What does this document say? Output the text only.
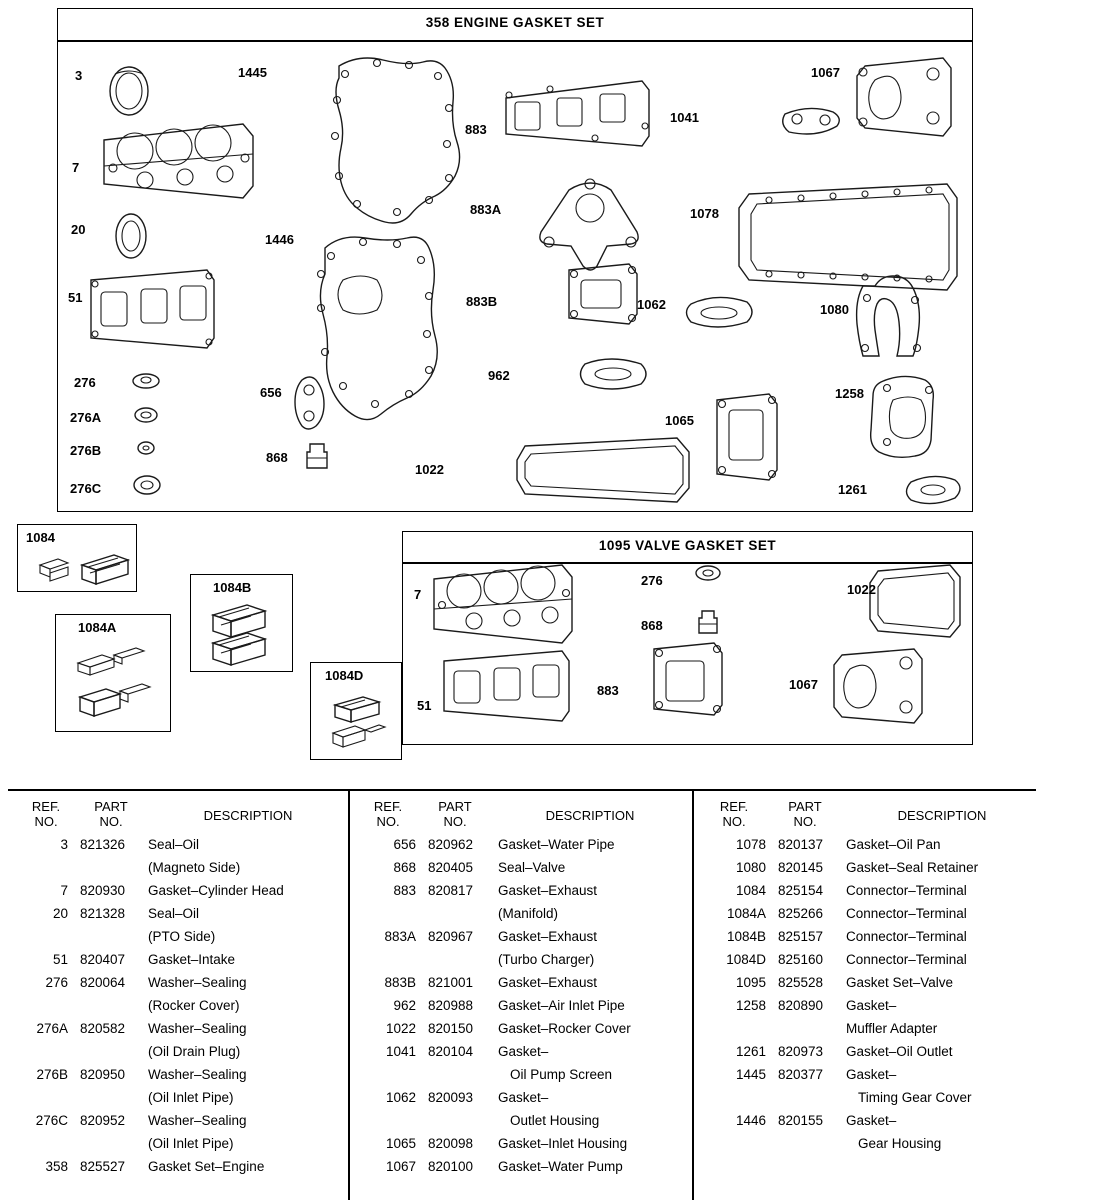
358 ENGINE GASKET SET
3	1445	1067
883
1041
7
20
883A	1078
1446
51	883B	1062	1080
962
276
656	1258
276A	1065
276B	868
1022
276C	1261
1095 VALVE GASKET SET
7
276
1022
868
883	1067
51
1084
1084B
1084A
1084D
REF.
NO.
PART
NO.	DESCRIPTION
3 821326 Seal–Oil
(Magneto Side)
7 820930 Gasket–Cylinder Head
20 821328 Seal–Oil
(PTO Side)
51 820407 Gasket–Intake
276 820064 Washer–Sealing
(Rocker Cover)
276A 820582 Washer–Sealing
(Oil Drain Plug)
276B 820950 Washer–Sealing
(Oil Inlet Pipe)
276C 820952 Washer–Sealing
(Oil Inlet Pipe)
358 825527 Gasket Set–Engine
REF.
NO.
PART
NO.	DESCRIPTION
656 820962 Gasket–Water Pipe
868 820405 Seal–Valve
883 820817 Gasket–Exhaust
(Manifold)
883A 820967 Gasket–Exhaust
(Turbo Charger)
883B 821001 Gasket–Exhaust
962 820988 Gasket–Air Inlet Pipe
1022 820150 Gasket–Rocker Cover
1041 820104 Gasket–
Oil Pump Screen
1062 820093 Gasket–
Outlet Housing
1065 820098 Gasket–Inlet Housing
1067 820100 Gasket–Water Pump
REF.
NO.
PART
NO.	DESCRIPTION
1078 820137 Gasket–Oil Pan
1080 820145 Gasket–Seal Retainer
1084 825154 Connector–Terminal
1084A 825266 Connector–Terminal
1084B 825157 Connector–Terminal
1084D 825160 Connector–Terminal
1095 825528 Gasket Set–Valve
1258 820890 Gasket–
Muffler Adapter
1261 820973 Gasket–Oil Outlet
1445 820377 Gasket–
Timing Gear Cover
1446 820155 Gasket–
Gear Housing
